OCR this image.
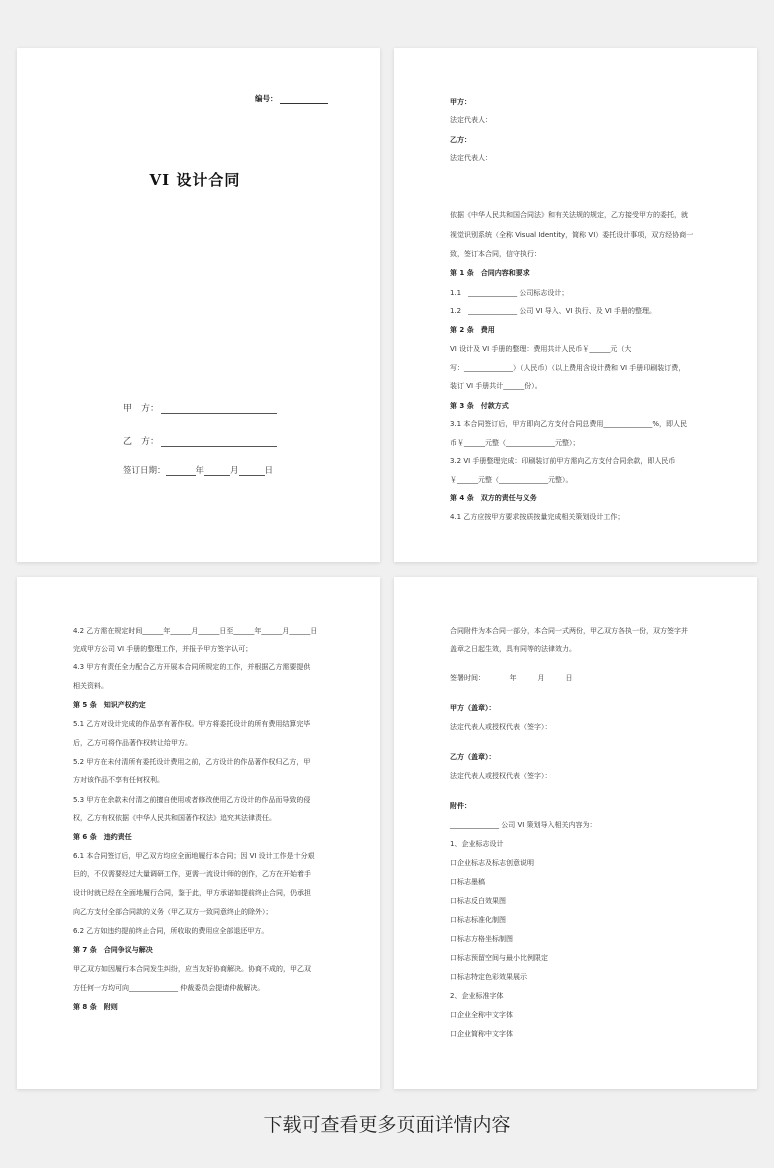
编号：
VI 设计合同
甲　方：
乙　方：
签订日期：	年	月	日
甲方：
法定代表人：
乙方：
法定代表人：
依据《中华人民共和国合同法》和有关法规的规定，乙方接受甲方的委托，就
视觉识别系统（全称 Visual Identity，简称 VI）委托设计事项，双方经协商一
致，签订本合同，信守执行：
第 1 条　合同内容和要求
1.1　______________ 公司标志设计；
1.2　______________ 公司 VI 导入、VI 执行、及 VI 手册的整理。
第 2 条　费用
VI 设计及 VI 手册的整理：费用共计人民币￥______元（大
写：______________）（人民币）（以上费用含设计费和 VI 手册印刷装订费，
装订 VI 手册共计______份）。
第 3 条　付款方式
3.1 本合同签订后，甲方即向乙方支付合同总费用______________%，即人民
币￥______元整（______________元整）；
3.2 VI 手册整理完成：印刷装订前甲方需向乙方支付合同余款，即人民币
￥______元整（______________元整）。
第 4 条　双方的责任与义务
4.1 乙方应按甲方要求按质按量完成相关策划设计工作；
4.2 乙方需在规定时间______年______月______日至______年______月______日
完成甲方公司 VI 手册的整理工作，并报予甲方签字认可；
4.3 甲方有责任全力配合乙方开展本合同所规定的工作，并根据乙方需要提供
相关资料。
第 5 条　知识产权约定
5.1 乙方对设计完成的作品享有著作权。甲方将委托设计的所有费用结算完毕
后，乙方可将作品著作权转让给甲方。
5.2 甲方在未付清所有委托设计费用之前，乙方设计的作品著作权归乙方，甲
方对该作品不享有任何权利。
5.3 甲方在余款未付清之前擅自使用或者修改使用乙方设计的作品而导致的侵
权，乙方有权依据《中华人民共和国著作权法》追究其法律责任。
第 6 条　违约责任
6.1 本合同签订后，甲乙双方均应全面地履行本合同；因 VI 设计工作是十分艰
巨的，不仅需要经过大量调研工作，更需一流设计师的创作，乙方在开始着手
设计时就已经在全面地履行合同，鉴于此，甲方承诺如提前终止合同，仍承担
向乙方支付全部合同款的义务（甲乙双方一致同意终止的除外）；
6.2 乙方如违约提前终止合同，所收取的费用应全部退还甲方。
第 7 条　合同争议与解决
甲乙双方如因履行本合同发生纠纷，应当友好协商解决。协商不成的，甲乙双
方任何一方均可向______________ 仲裁委员会提请仲裁解决。
第 8 条　附则
合同附件为本合同一部分，本合同一式两份，甲乙双方各执一份，双方签字并
盖章之日起生效，具有同等的法律效力。
签署时间：　　　　年　　　月　　　日
甲方（盖章）：
法定代表人或授权代表（签字）：
乙方（盖章）：
法定代表人或授权代表（签字）：
附件：
______________ 公司 VI 策划导入相关内容为：
1、企业标志设计
口企业标志及标志创意说明
口标志墨稿
口标志反白效果图
口标志标准化制图
口标志方格坐标制图
口标志预留空间与最小比例限定
口标志特定色彩效果展示
2、企业标准字体
口企业全称中文字体
口企业简称中文字体
下载可查看更多页面详情内容
